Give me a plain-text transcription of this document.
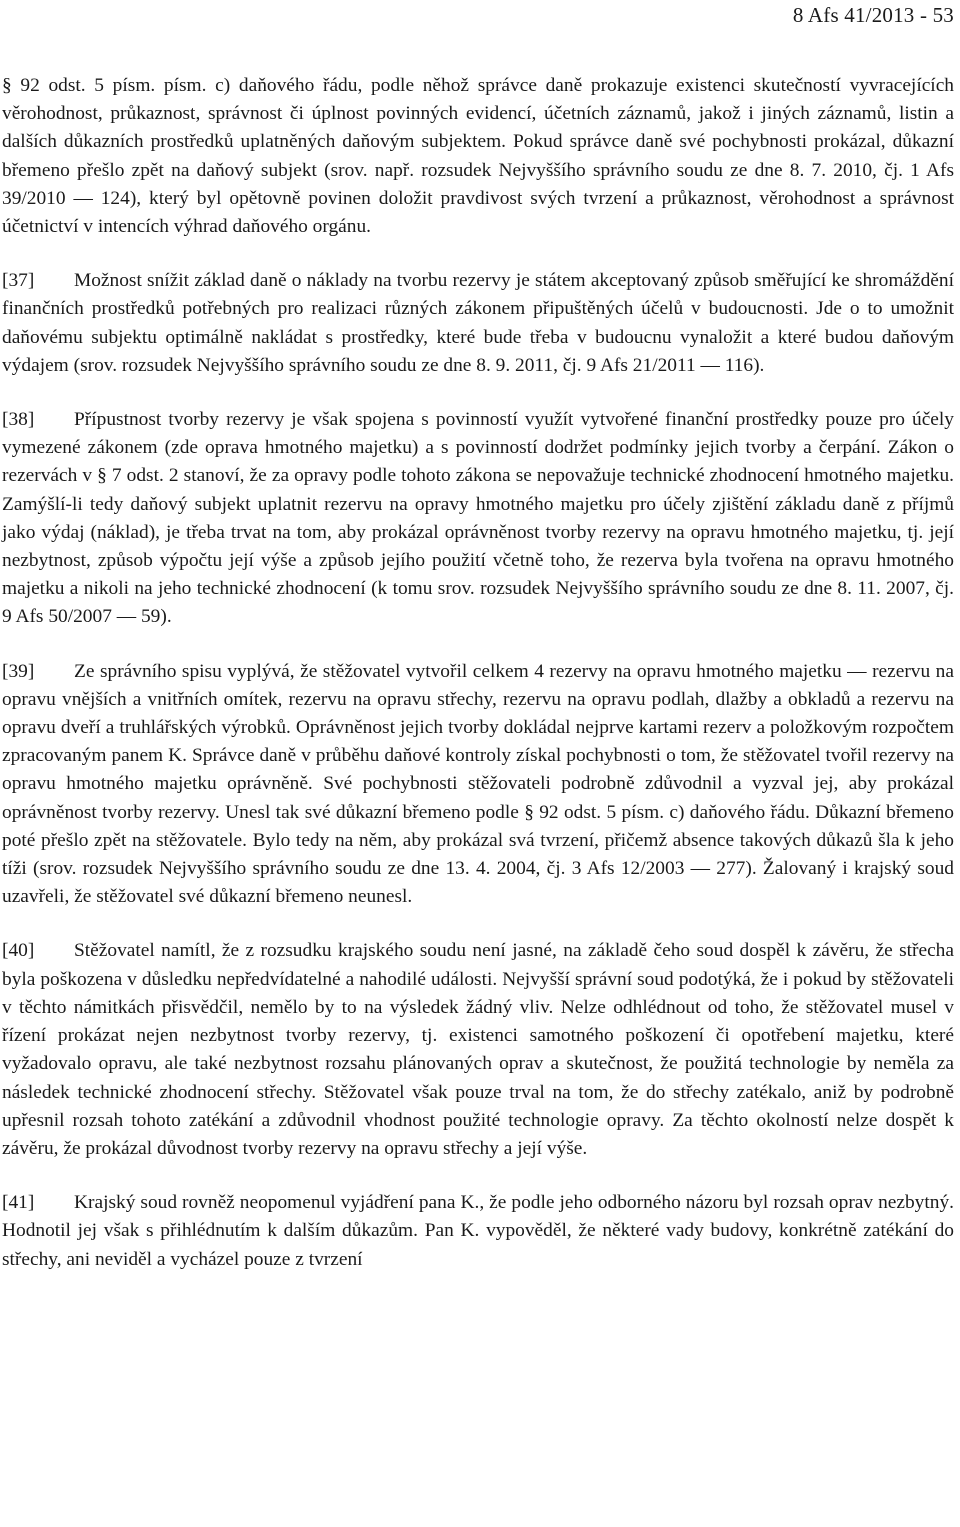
8 Afs 41/2013 - 53

§ 92 odst. 5 písm. písm. c) daňového řádu, podle něhož správce daně prokazuje existenci skutečností vyvracejících věrohodnost, průkaznost, správnost či úplnost povinných evidencí, účetních záznamů, jakož i jiných záznamů, listin a dalších důkazních prostředků uplatněných daňovým subjektem. Pokud správce daně své pochybnosti prokázal, důkazní břemeno přešlo zpět na daňový subjekt (srov. např. rozsudek Nejvyššího správního soudu ze dne 8. 7. 2010, čj. 1 Afs 39/2010 — 124), který byl opětovně povinen doložit pravdivost svých tvrzení a průkaznost, věrohodnost a správnost účetnictví v intencích výhrad daňového orgánu.

[37] Možnost snížit základ daně o náklady na tvorbu rezervy je státem akceptovaný způsob směřující ke shromáždění finančních prostředků potřebných pro realizaci různých zákonem připuštěných účelů v budoucnosti. Jde o to umožnit daňovému subjektu optimálně nakládat s prostředky, které bude třeba v budoucnu vynaložit a které budou daňovým výdajem (srov. rozsudek Nejvyššího správního soudu ze dne 8. 9. 2011, čj. 9 Afs 21/2011 — 116).

[38] Přípustnost tvorby rezervy je však spojena s povinností využít vytvořené finanční prostředky pouze pro účely vymezené zákonem (zde oprava hmotného majetku) a s povinností dodržet podmínky jejich tvorby a čerpání. Zákon o rezervách v § 7 odst. 2 stanoví, že za opravy podle tohoto zákona se nepovažuje technické zhodnocení hmotného majetku. Zamýšlí-li tedy daňový subjekt uplatnit rezervu na opravy hmotného majetku pro účely zjištění základu daně z příjmů jako výdaj (náklad), je třeba trvat na tom, aby prokázal oprávněnost tvorby rezervy na opravu hmotného majetku, tj. její nezbytnost, způsob výpočtu její výše a způsob jejího použití včetně toho, že rezerva byla tvořena na opravu hmotného majetku a nikoli na jeho technické zhodnocení (k tomu srov. rozsudek Nejvyššího správního soudu ze dne 8. 11. 2007, čj. 9 Afs 50/2007 — 59).

[39] Ze správního spisu vyplývá, že stěžovatel vytvořil celkem 4 rezervy na opravu hmotného majetku — rezervu na opravu vnějších a vnitřních omítek, rezervu na opravu střechy, rezervu na opravu podlah, dlažby a obkladů a rezervu na opravu dveří a truhlářských výrobků. Oprávněnost jejich tvorby dokládal nejprve kartami rezerv a položkovým rozpočtem zpracovaným panem K. Správce daně v průběhu daňové kontroly získal pochybnosti o tom, že stěžovatel tvořil rezervy na opravu hmotného majetku oprávněně. Své pochybnosti stěžovateli podrobně zdůvodnil a vyzval jej, aby prokázal oprávněnost tvorby rezervy. Unesl tak své důkazní břemeno podle § 92 odst. 5 písm. c) daňového řádu. Důkazní břemeno poté přešlo zpět na stěžovatele. Bylo tedy na něm, aby prokázal svá tvrzení, přičemž absence takových důkazů šla k jeho tíži (srov. rozsudek Nejvyššího správního soudu ze dne 13. 4. 2004, čj. 3 Afs 12/2003 — 277). Žalovaný i krajský soud uzavřeli, že stěžovatel své důkazní břemeno neunesl.

[40] Stěžovatel namítl, že z rozsudku krajského soudu není jasné, na základě čeho soud dospěl k závěru, že střecha byla poškozena v důsledku nepředvídatelné a nahodilé události. Nejvyšší správní soud podotýká, že i pokud by stěžovateli v těchto námitkách přisvědčil, nemělo by to na výsledek žádný vliv. Nelze odhlédnout od toho, že stěžovatel musel v řízení prokázat nejen nezbytnost tvorby rezervy, tj. existenci samotného poškození či opotřebení majetku, které vyžadovalo opravu, ale také nezbytnost rozsahu plánovaných oprav a skutečnost, že použitá technologie by neměla za následek technické zhodnocení střechy. Stěžovatel však pouze trval na tom, že do střechy zatékalo, aniž by podrobně upřesnil rozsah tohoto zatékání a zdůvodnil vhodnost použité technologie opravy. Za těchto okolností nelze dospět k závěru, že prokázal důvodnost tvorby rezervy na opravu střechy a její výše.

[41] Krajský soud rovněž neopomenul vyjádření pana K., že podle jeho odborného názoru byl rozsah oprav nezbytný. Hodnotil jej však s přihlédnutím k dalším důkazům. Pan K. vypověděl, že některé vady budovy, konkrétně zatékání do střechy, ani neviděl a vycházel pouze z tvrzení
